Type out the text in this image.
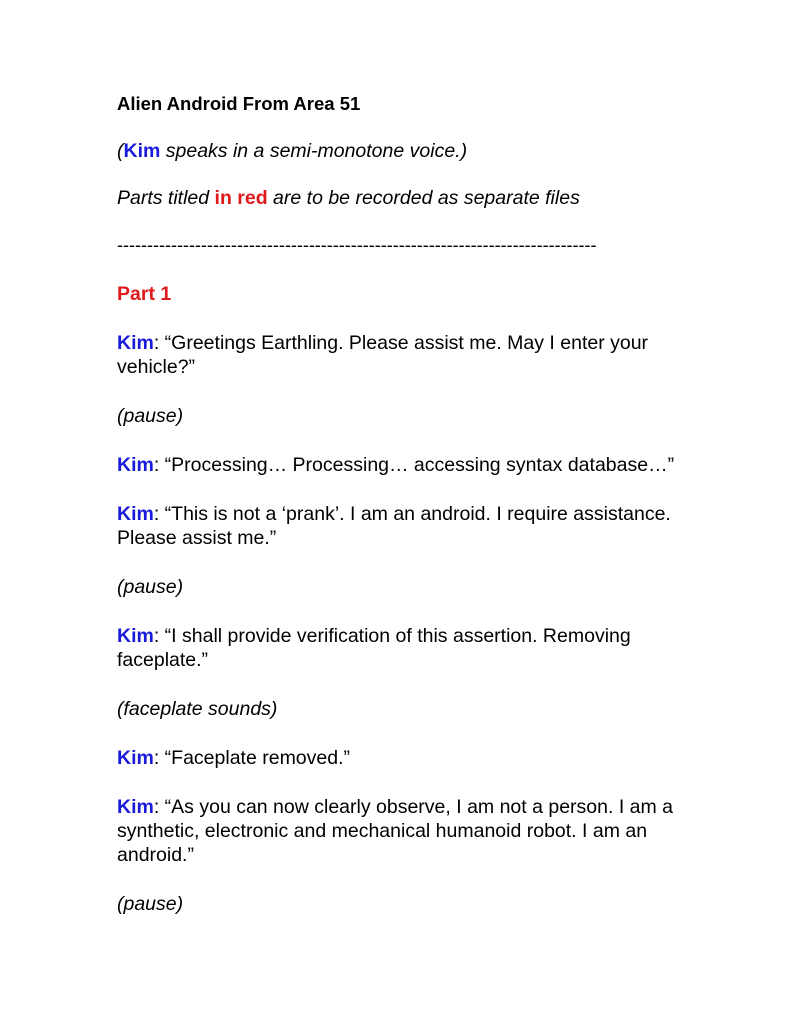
Alien Android From Area 51

(Kim speaks in a semi-monotone voice.)

Parts titled in red are to be recorded as separate files

--------------------------------------------------------------------------------

Part 1

Kim: “Greetings Earthling. Please assist me. May I enter your vehicle?”

(pause)

Kim: “Processing… Processing… accessing syntax database…”

Kim: “This is not a ‘prank’. I am an android. I require assistance. Please assist me.”

(pause)

Kim: “I shall provide verification of this assertion. Removing faceplate.”

(faceplate sounds)

Kim: “Faceplate removed.”

Kim: “As you can now clearly observe, I am not a person. I am a synthetic, electronic and mechanical humanoid robot. I am an android.”

(pause)
